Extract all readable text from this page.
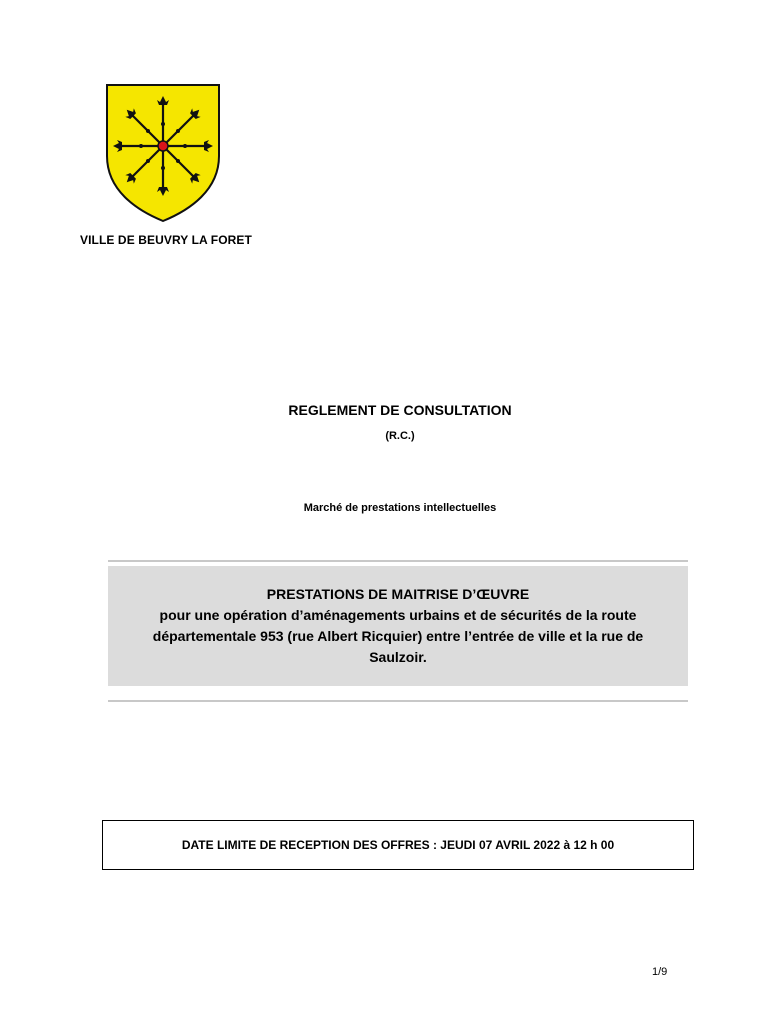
VILLE DE BEUVRY LA FORET
REGLEMENT DE CONSULTATION
(R.C.)
Marché de prestations intellectuelles
PRESTATIONS DE MAITRISE D’ŒUVRE
pour une opération d’aménagements urbains et de sécurités de la route
départementale 953 (rue Albert Ricquier) entre l’entrée de ville et la rue de
Saulzoir.
DATE LIMITE DE RECEPTION DES OFFRES : JEUDI 07 AVRIL 2022 à 12 h 00
1/9
